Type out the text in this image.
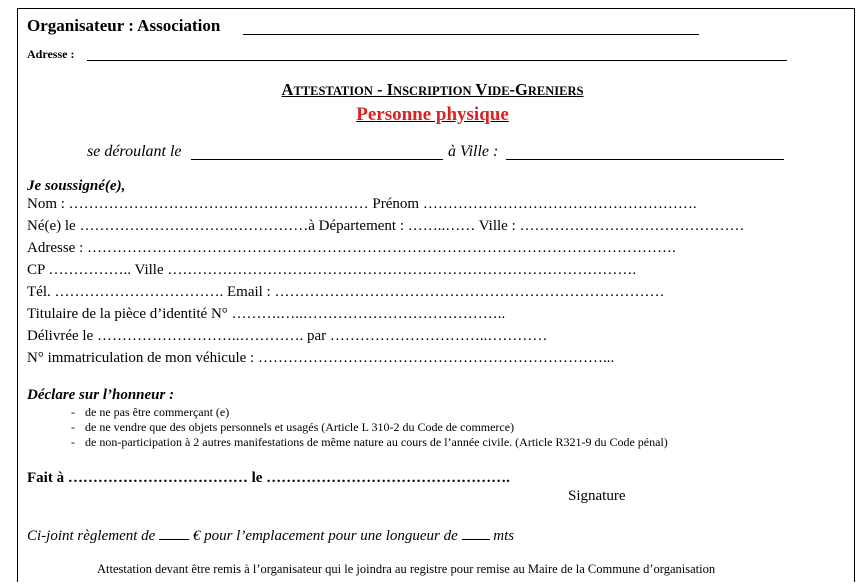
Organisateur : Association
Adresse :
ATTESTATION - INSCRIPTION VIDE-GRENIERS
Personne physique
se déroulant le	à Ville :
Je soussigné(e),
Nom : …………………………………………………… Prénom ……………………………………………….
Né(e) le ………………………….……………à Département : ……..…… Ville : ………………………………………
Adresse : ……………………………………………………………………………………………………….
CP …………….. Ville ………………………………………………………………………………….
Tél. ……………………………. Email : ……………………………………………………………………
Titulaire de la pièce d’identité N° ……….…..…………………………………..
Délivrée le ………………………..…………. par …………………………..…………
N° immatriculation de mon véhicule : ……………………………………………………………...
Déclare sur l’honneur :
- de ne pas être commerçant (e)
- de ne vendre que des objets personnels et usagés (Article L 310-2 du Code de commerce)
- de non-participation à 2 autres manifestations de même nature au cours de l’année civile. (Article R321-9 du Code pénal)
Fait à ……………………………… le ………………………………………….
Signature
Ci-joint règlement de	€ pour l’emplacement pour une longueur de mts
Attestation devant être remis à l’organisateur qui le joindra au registre pour remise au Maire de la Commune d’organisation
